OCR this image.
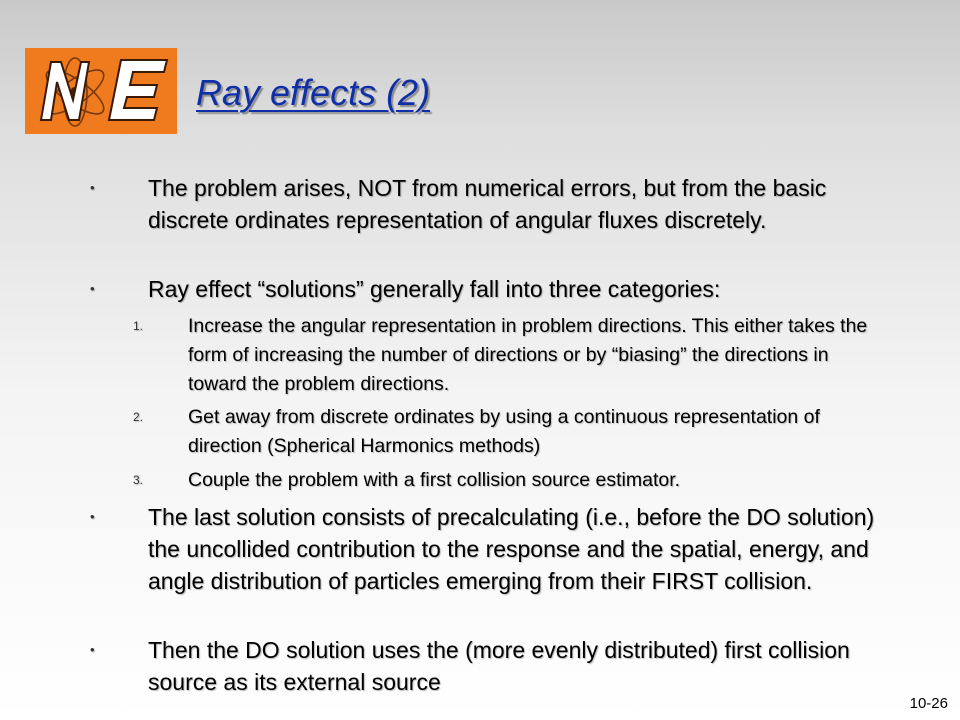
Ray effects (2)
• The problem arises, NOT from numerical errors, but from the basic discrete ordinates representation of angular fluxes discretely.
• Ray effect “solutions” generally fall into three categories:
1. Increase the angular representation in problem directions. This either takes the form of increasing the number of directions or by “biasing” the directions in toward the problem directions.
2. Get away from discrete ordinates by using a continuous representation of direction (Spherical Harmonics methods)
3. Couple the problem with a first collision source estimator.
• The last solution consists of precalculating (i.e., before the DO solution) the uncollided contribution to the response and the spatial, energy, and angle distribution of particles emerging from their FIRST collision.
• Then the DO solution uses the (more evenly distributed) first collision source as its external source
10-26
